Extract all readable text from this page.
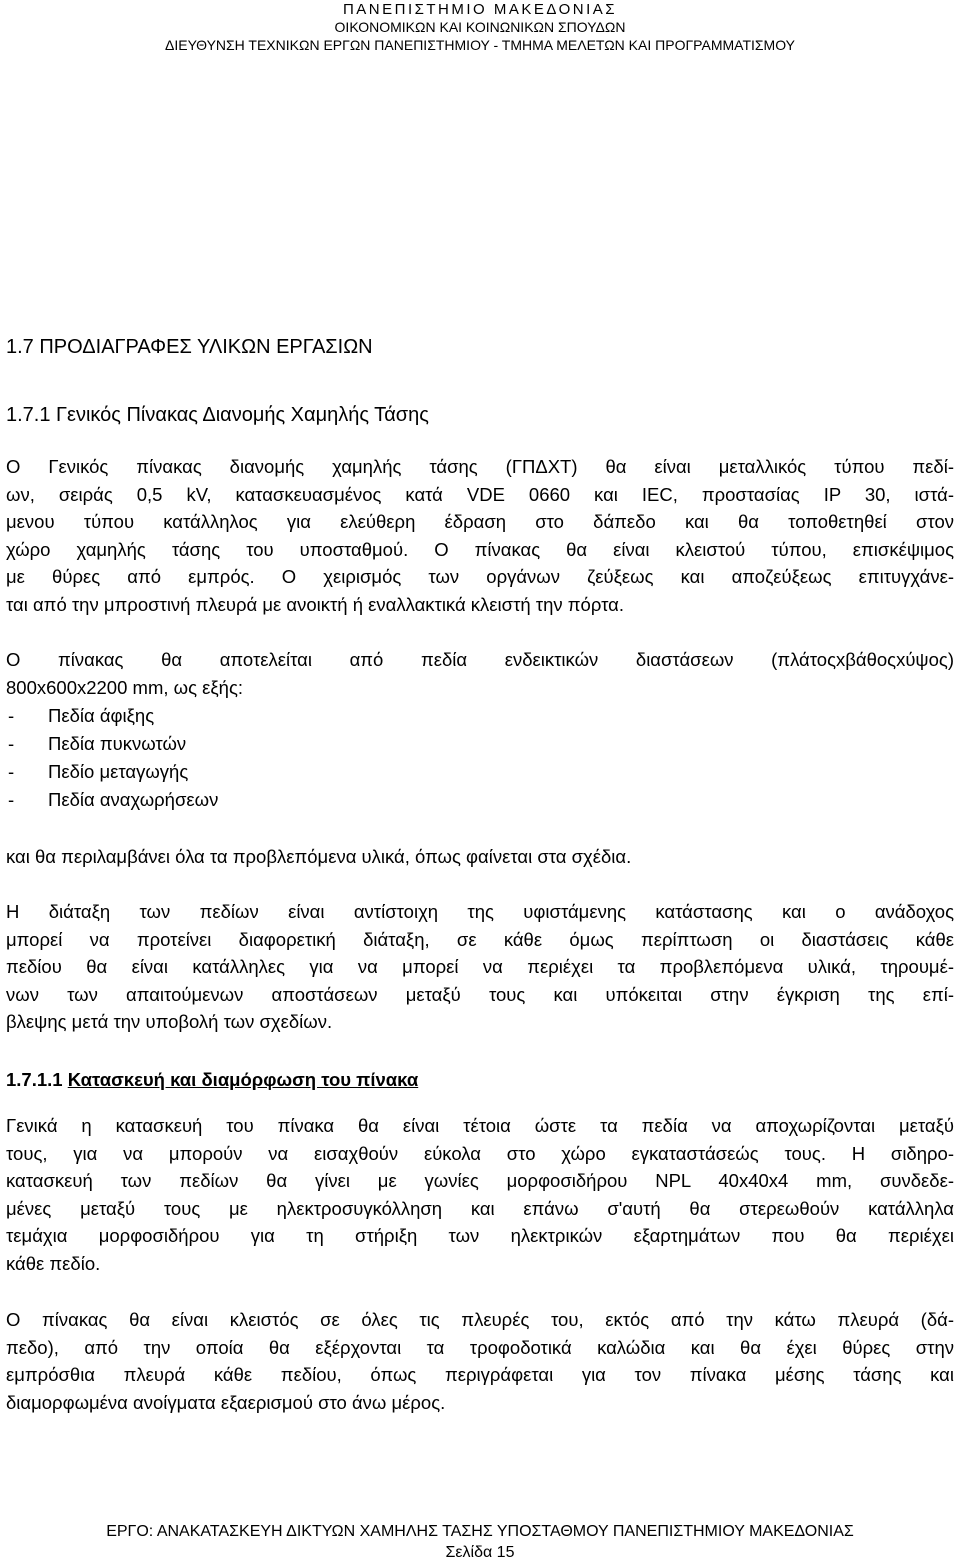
ΠΑΝΕΠΙΣΤΗΜΙΟ ΜΑΚΕΔΟΝΙΑΣ
ΟΙΚΟΝΟΜΙΚΩΝ ΚΑΙ ΚΟΙΝΩΝΙΚΩΝ ΣΠΟΥΔΩΝ
ΔΙΕΥΘΥΝΣΗ ΤΕΧΝΙΚΩΝ ΕΡΓΩΝ ΠΑΝΕΠΙΣΤΗΜΙΟΥ - ΤΜΗΜΑ ΜΕΛΕΤΩΝ ΚΑΙ ΠΡΟΓΡΑΜΜΑΤΙΣΜΟΥ
1.7 ΠΡΟΔΙΑΓΡΑΦΕΣ ΥΛΙΚΩΝ ΕΡΓΑΣΙΩΝ
1.7.1 Γενικός Πίνακας Διανομής Χαμηλής Τάσης
Ο Γενικός πίνακας διανομής χαμηλής τάσης (ΓΠΔΧΤ) θα είναι μεταλλικός τύπου πεδί-
ων, σειράς 0,5 kV, κατασκευασμένος κατά VDE 0660 και IEC, προστασίας IP 30, ιστά-
μενου τύπου κατάλληλος για ελεύθερη έδραση στο δάπεδο και θα τοποθετηθεί στον
χώρο χαμηλής τάσης του υποσταθμού. Ο πίνακας θα είναι κλειστού τύπου, επισκέψιμος
με θύρες από εμπρός. Ο χειρισμός των οργάνων ζεύξεως και αποζεύξεως επιτυγχάνε-
ται από την μπροστινή πλευρά με ανοικτή ή εναλλακτικά κλειστή την πόρτα.
Ο πίνακας θα αποτελείται από πεδία ενδεικτικών διαστάσεων (πλάτοςxβάθοςxύψος)
800x600x2200 mm, ως εξής:
- Πεδία άφιξης
- Πεδία πυκνωτών
- Πεδίο μεταγωγής
- Πεδία αναχωρήσεων
και θα περιλαμβάνει όλα τα προβλεπόμενα υλικά, όπως φαίνεται στα σχέδια.
Η διάταξη των πεδίων είναι αντίστοιχη της υφιστάμενης κατάστασης και ο ανάδοχος
μπορεί να προτείνει διαφορετική διάταξη, σε κάθε όμως περίπτωση οι διαστάσεις κάθε
πεδίου θα είναι κατάλληλες για να μπορεί να περιέχει τα προβλεπόμενα υλικά, τηρουμέ-
νων των απαιτούμενων αποστάσεων μεταξύ τους και υπόκειται στην έγκριση της επί-
βλεψης μετά την υποβολή των σχεδίων.
1.7.1.1 Κατασκευή και διαμόρφωση του πίνακα
Γενικά η κατασκευή του πίνακα θα είναι τέτοια ώστε τα πεδία να αποχωρίζονται μεταξύ
τους, για να μπορούν να εισαχθούν εύκολα στο χώρο εγκαταστάσεώς τους. Η σιδηρο-
κατασκευή των πεδίων θα γίνει με γωνίες μορφοσιδήρου NPL 40x40x4 mm, συνδεδε-
μένες μεταξύ τους με ηλεκτροσυγκόλληση και επάνω σ'αυτή θα στερεωθούν κατάλληλα
τεμάχια μορφοσιδήρου για τη στήριξη των ηλεκτρικών εξαρτημάτων που θα περιέχει
κάθε πεδίο.
Ο πίνακας θα είναι κλειστός σε όλες τις πλευρές του, εκτός από την κάτω πλευρά (δά-
πεδο), από την οποία θα εξέρχονται τα τροφοδοτικά καλώδια και θα έχει θύρες στην
εμπρόσθια πλευρά κάθε πεδίου, όπως περιγράφεται για τον πίνακα μέσης τάσης και
διαμορφωμένα ανοίγματα εξαερισμού στο άνω μέρος.
ΕΡΓΟ: ΑΝΑΚΑΤΑΣΚΕΥΗ ΔΙΚΤΥΩΝ ΧΑΜΗΛΗΣ ΤΑΣΗΣ ΥΠΟΣΤΑΘΜΟΥ ΠΑΝΕΠΙΣΤΗΜΙΟΥ ΜΑΚΕΔΟΝΙΑΣ
Σελίδα 15
